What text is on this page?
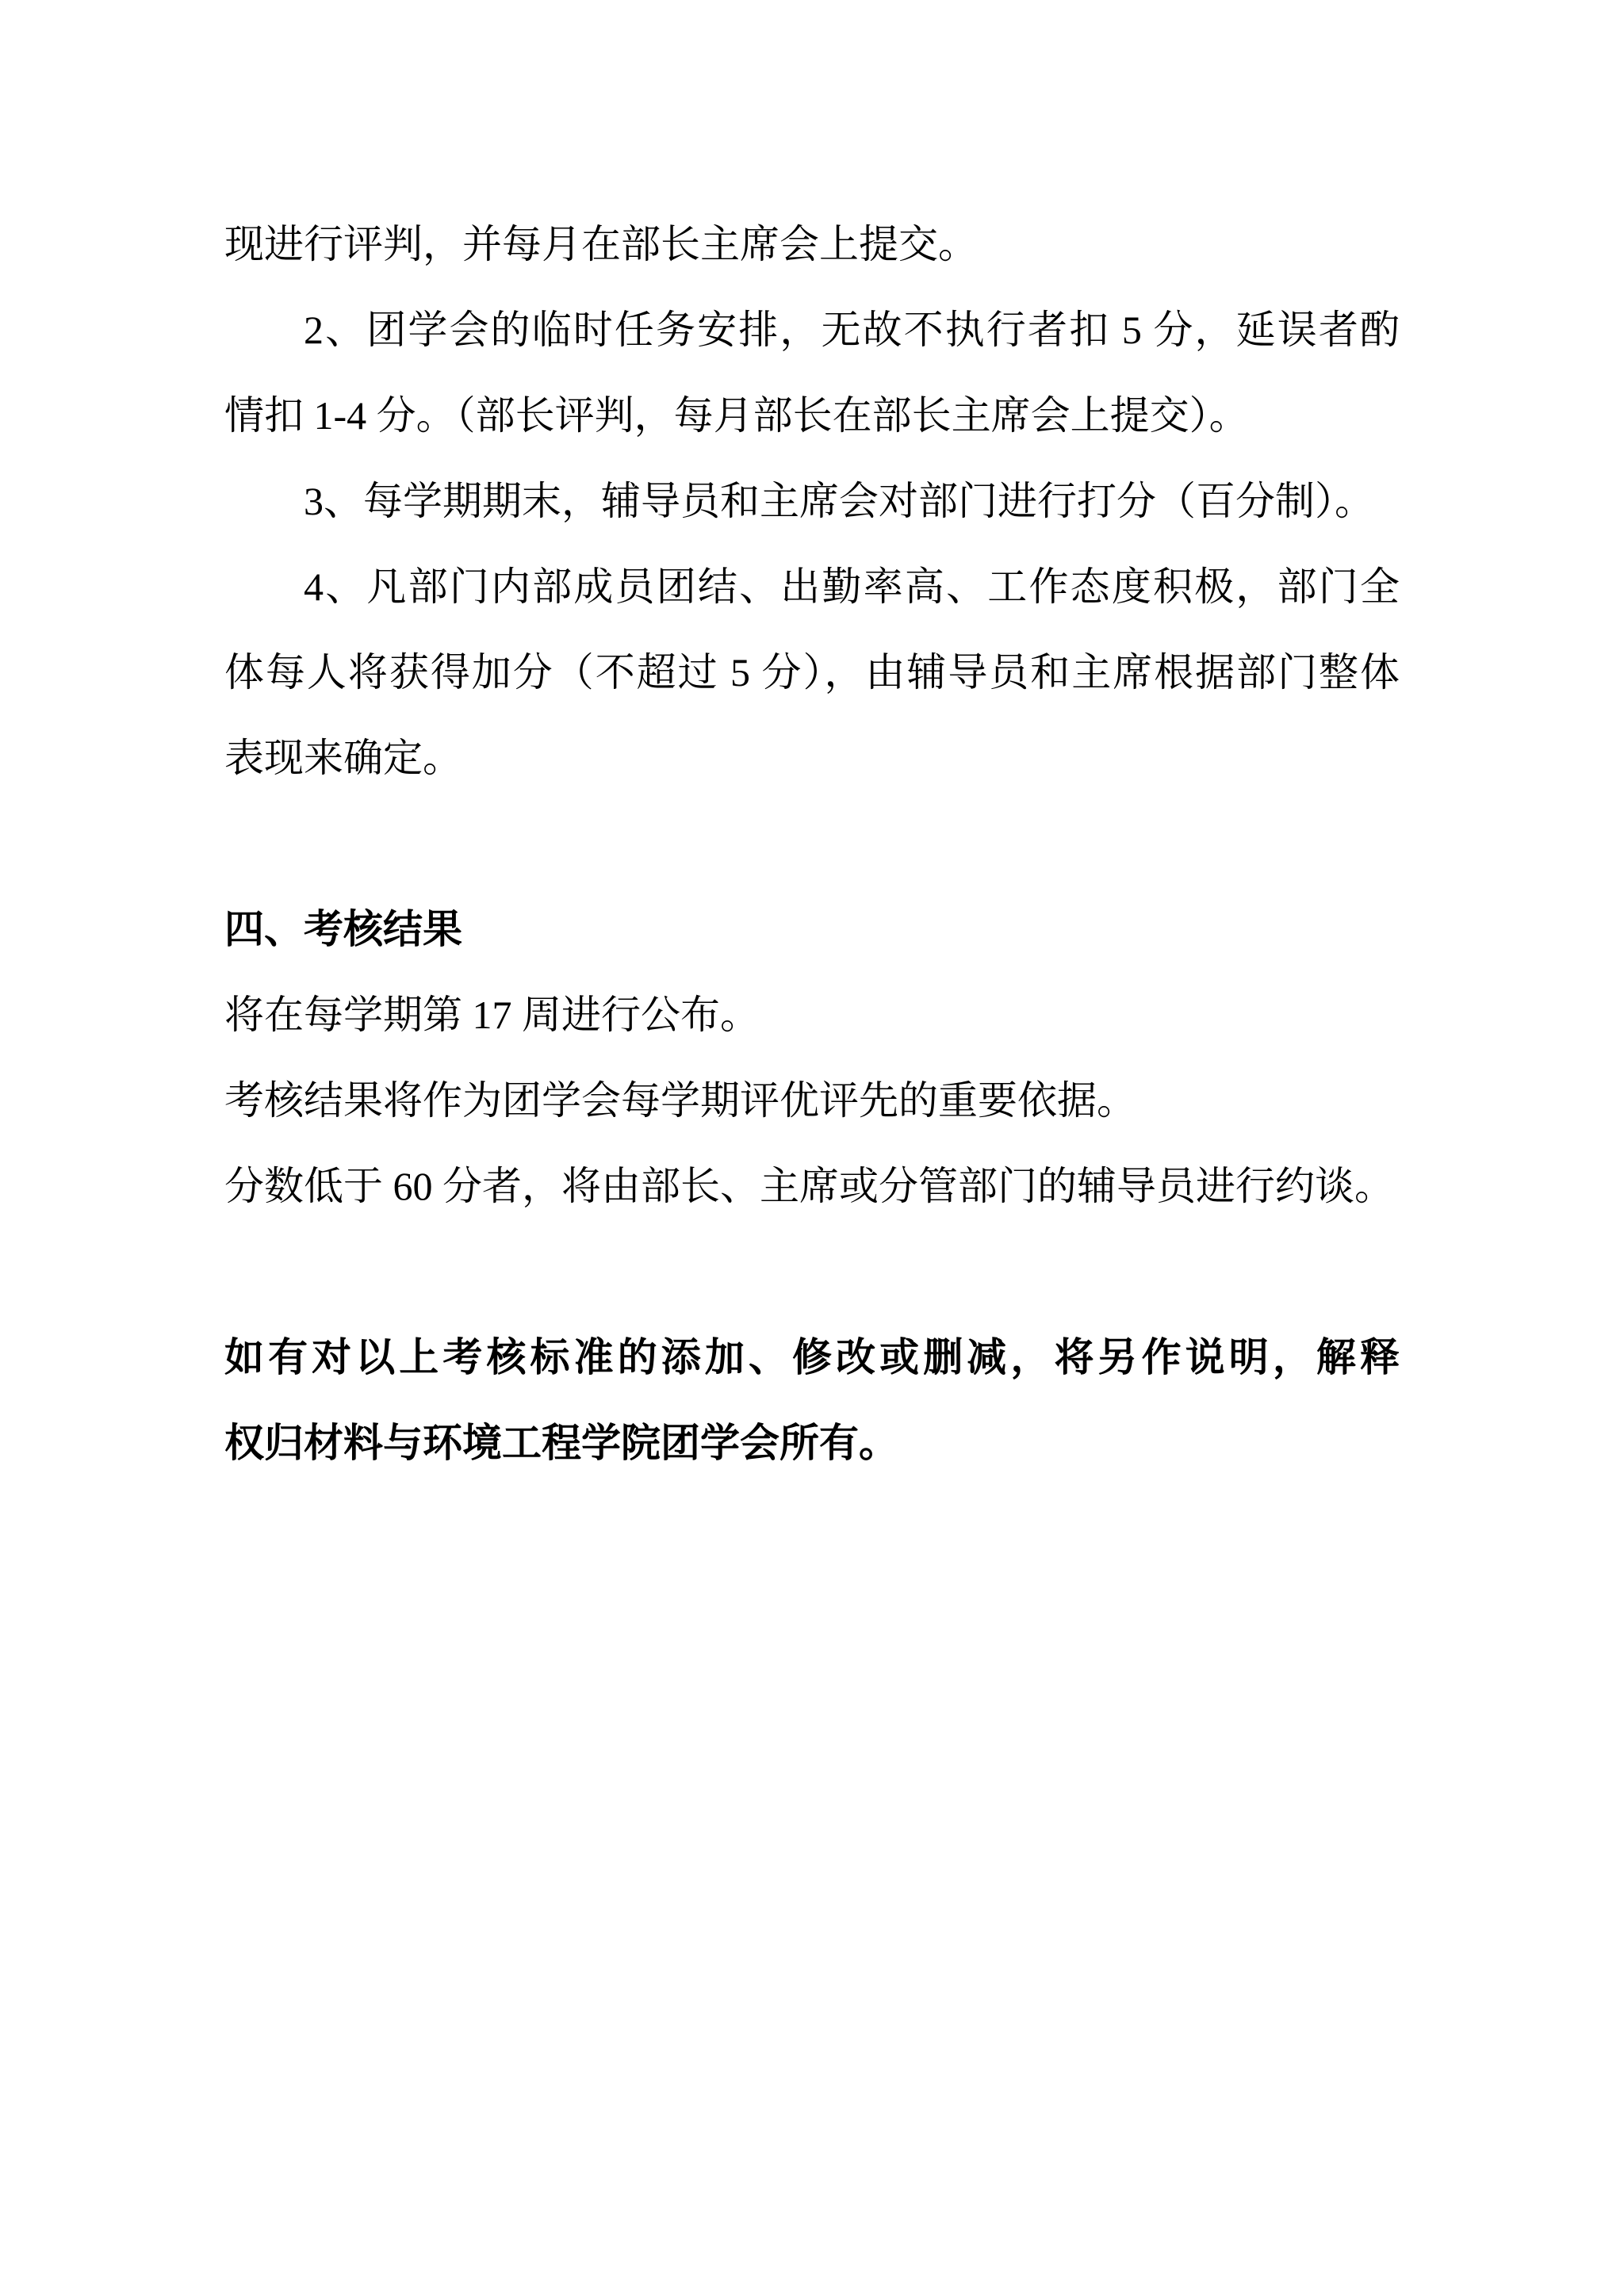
现进行评判，并每月在部长主席会上提交。
2、团学会的临时任务安排，无故不执行者扣 5 分，延误者酌
情扣 1-4 分。（部长评判，每月部长在部长主席会上提交）。
3、每学期期末，辅导员和主席会对部门进行打分（百分制）。
4、凡部门内部成员团结、出勤率高、工作态度积极，部门全
体每人将获得加分（不超过 5 分），由辅导员和主席根据部门整体
表现来确定。
四、考核结果
将在每学期第 17 周进行公布。
考核结果将作为团学会每学期评优评先的重要依据。
分数低于 60 分者，将由部长、主席或分管部门的辅导员进行约谈。
如有对以上考核标准的添加、修改或删减，将另作说明，解释
权归材料与环境工程学院团学会所有。
